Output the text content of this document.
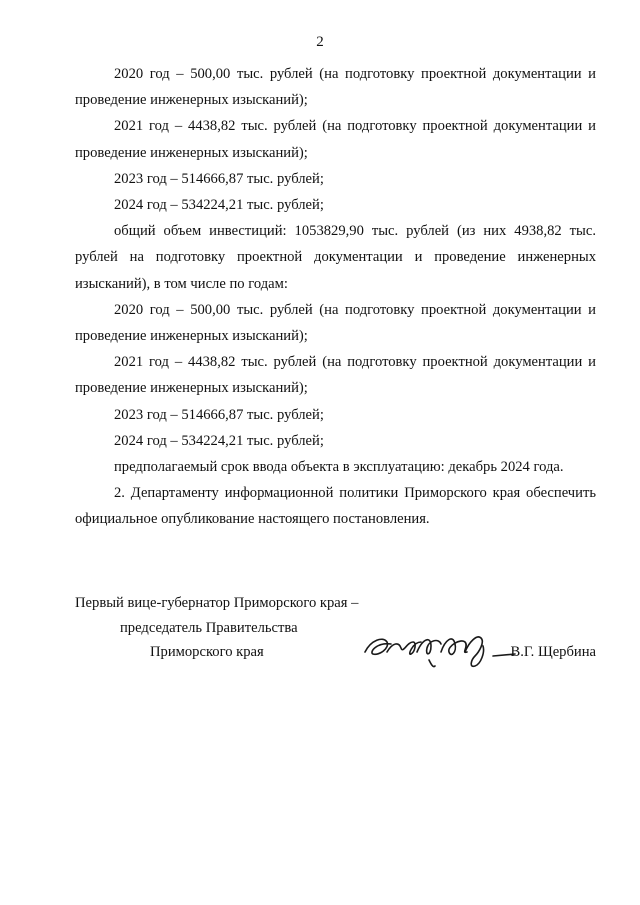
2

2020 год – 500,00 тыс. рублей (на подготовку проектной документации и проведение инженерных изысканий);

2021 год – 4438,82 тыс. рублей (на подготовку проектной документации и проведение инженерных изысканий);

2023 год – 514666,87 тыс. рублей;

2024 год – 534224,21 тыс. рублей;

общий объем инвестиций: 1053829,90 тыс. рублей (из них 4938,82 тыс. рублей на подготовку проектной документации и проведение инженерных изысканий), в том числе по годам:

2020 год – 500,00 тыс. рублей (на подготовку проектной документации и проведение инженерных изысканий);

2021 год – 4438,82 тыс. рублей (на подготовку проектной документации и проведение инженерных изысканий);

2023 год – 514666,87 тыс. рублей;

2024 год – 534224,21 тыс. рублей;

предполагаемый срок ввода объекта в эксплуатацию: декабрь 2024 года.

2. Департаменту информационной политики Приморского края обеспечить официальное опубликование настоящего постановления.

Первый вице-губернатор Приморского края –
председатель Правительства
Приморского края	В.Г. Щербина
